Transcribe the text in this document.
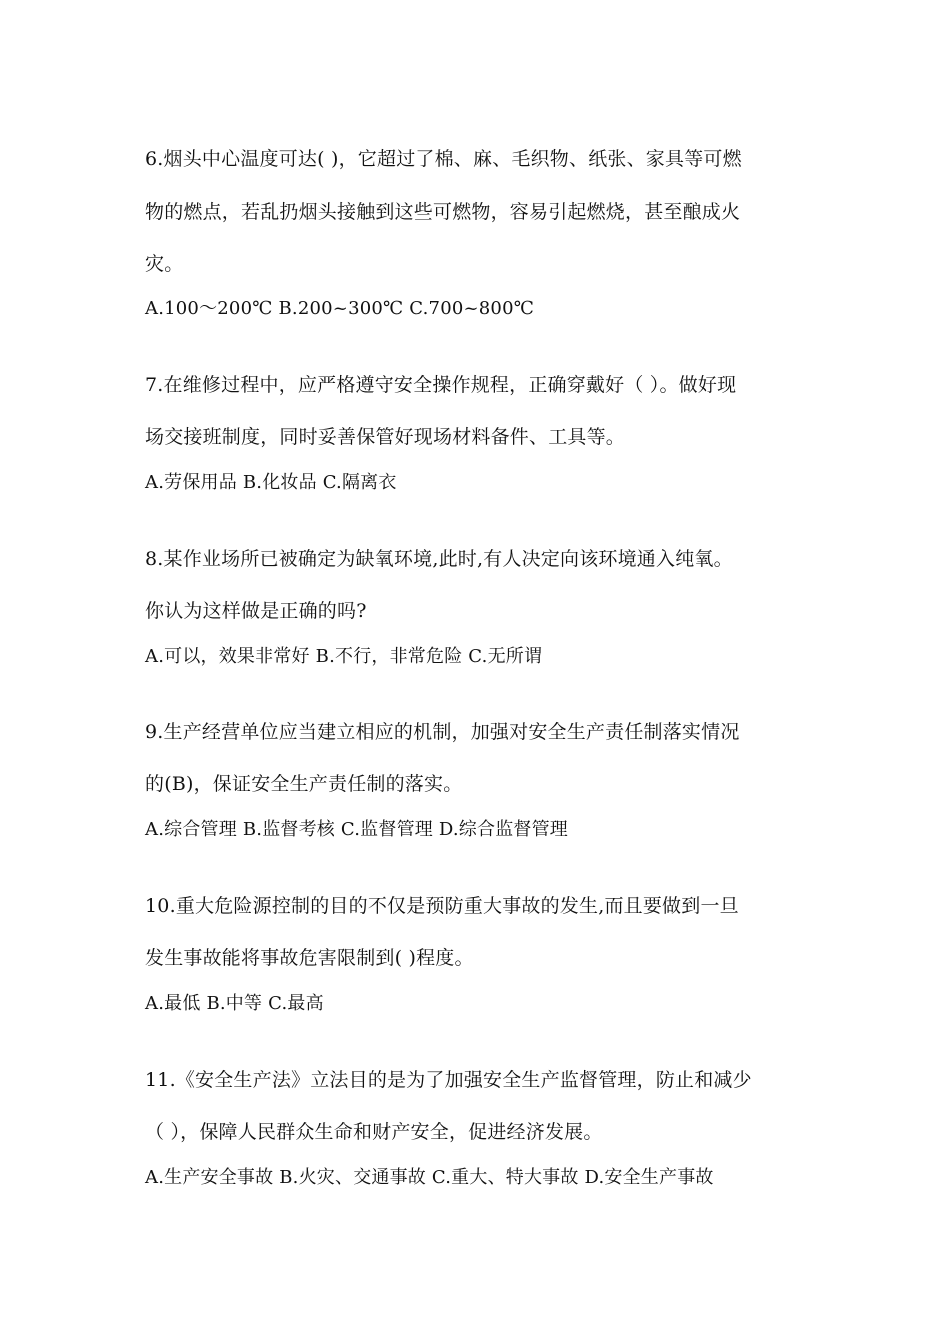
6.烟头中心温度可达( )，它超过了棉、麻、毛织物、纸张、家具等可燃
物的燃点，若乱扔烟头接触到这些可燃物，容易引起燃烧，甚至酿成火
灾。
A.100～200℃ B.200~300℃ C.700~800℃
7.在维修过程中，应严格遵守安全操作规程，正确穿戴好（ ）。做好现
场交接班制度，同时妥善保管好现场材料备件、工具等。
A.劳保用品 B.化妆品 C.隔离衣
8.某作业场所已被确定为缺氧环境,此时,有人决定向该环境通入纯氧。
你认为这样做是正确的吗?
A.可以，效果非常好 B.不行，非常危险 C.无所谓
9.生产经营单位应当建立相应的机制，加强对安全生产责任制落实情况
的(B)，保证安全生产责任制的落实。
A.综合管理 B.监督考核 C.监督管理 D.综合监督管理
10.重大危险源控制的目的不仅是预防重大事故的发生,而且要做到一旦
发生事故能将事故危害限制到( )程度。
A.最低 B.中等 C.最高
11.《安全生产法》立法目的是为了加强安全生产监督管理，防止和减少
（ ），保障人民群众生命和财产安全，促进经济发展。
A.生产安全事故 B.火灾、交通事故 C.重大、特大事故 D.安全生产事故
